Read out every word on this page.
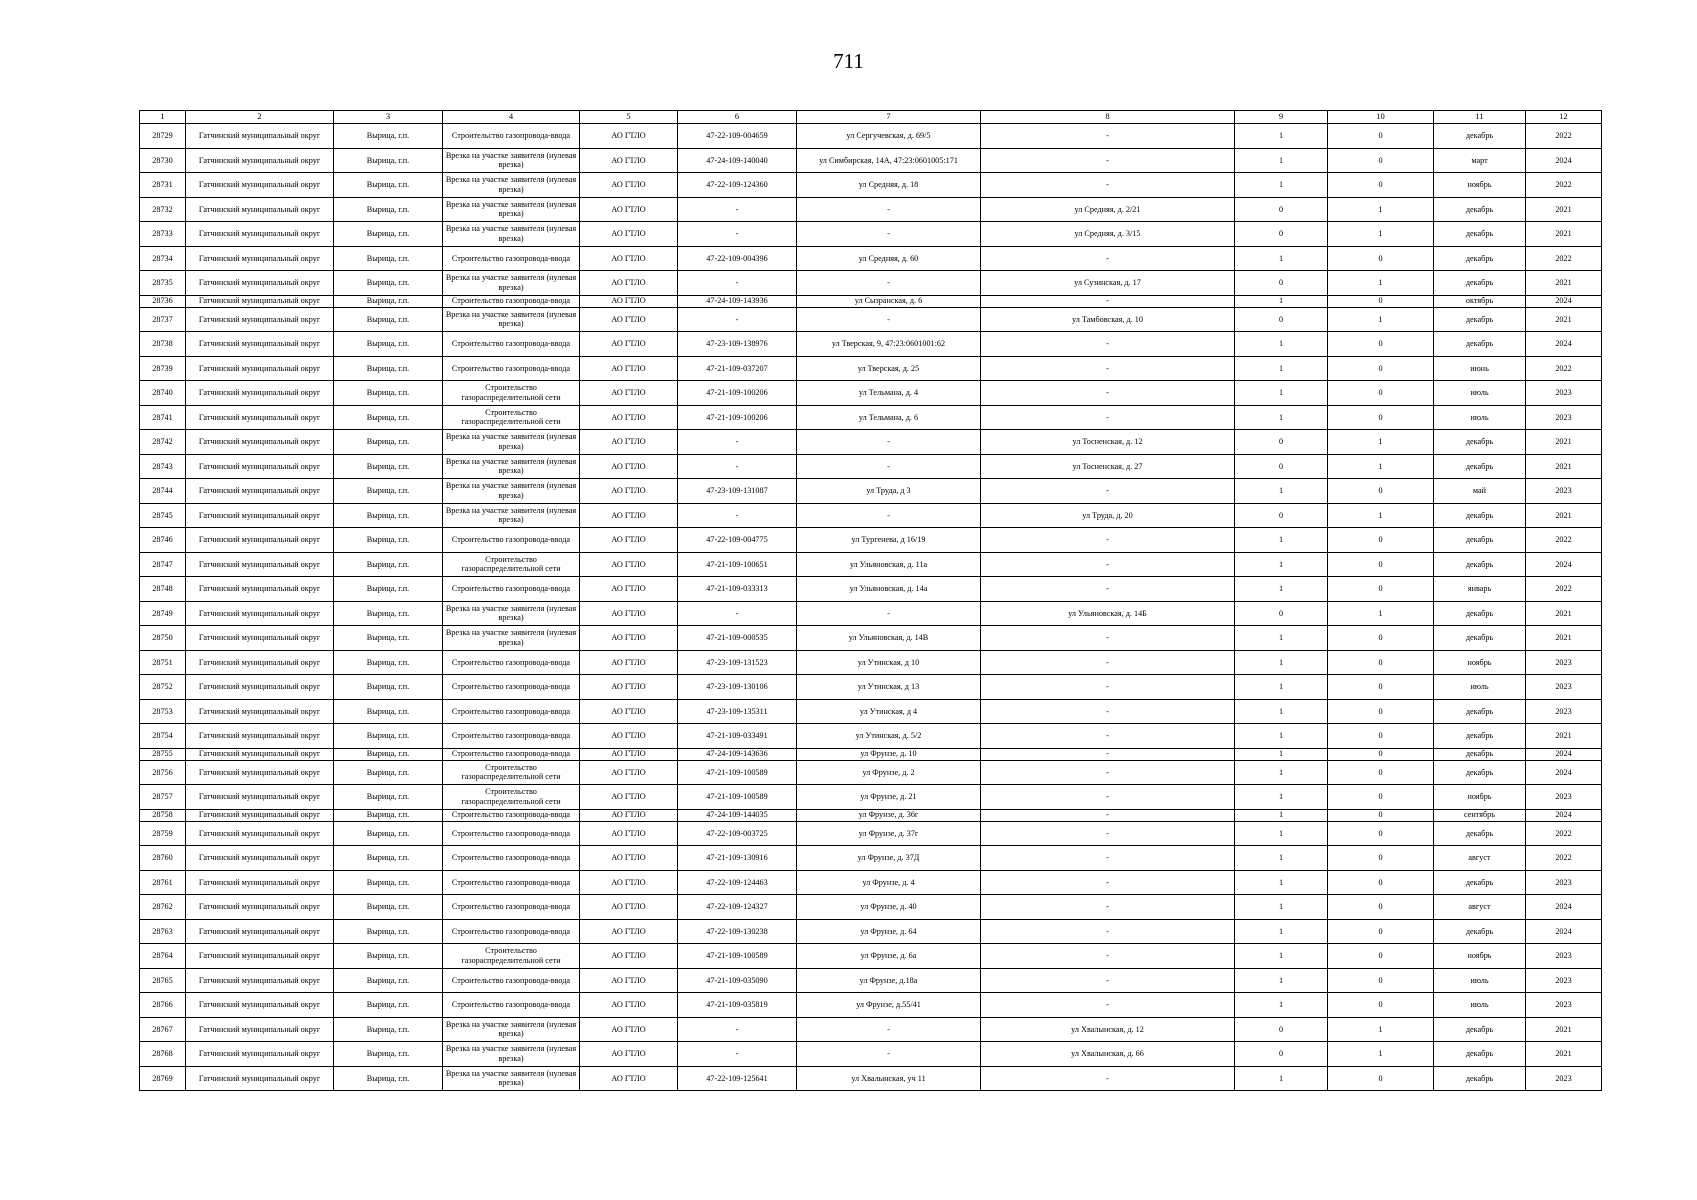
711
1	2	3	4	5	6	7	8	9	10	11	12
28729	Гатчинский муниципальный округ	Вырица, г.п.	Строительство газопровода-ввода	АО ГТЛО	47-22-109-004659	ул Сергучевская, д. 69/5	-	1	0	декабрь	2022
28730	Гатчинский муниципальный округ	Вырица, г.п.	Врезка на участке заявителя (нулевая врезка)	АО ГТЛО	47-24-109-140040	ул Симбирская, 14А, 47:23:0601005:171	-	1	0	март	2024
28731	Гатчинский муниципальный округ	Вырица, г.п.	Врезка на участке заявителя (нулевая врезка)	АО ГТЛО	47-22-109-124360	ул Средняя, д. 18	-	1	0	ноябрь	2022
28732	Гатчинский муниципальный округ	Вырица, г.п.	Врезка на участке заявителя (нулевая врезка)	АО ГТЛО	-	-	ул Средняя, д. 2/21	0	1	декабрь	2021
28733	Гатчинский муниципальный округ	Вырица, г.п.	Врезка на участке заявителя (нулевая врезка)	АО ГТЛО	-	-	ул Средняя, д. 3/15	0	1	декабрь	2021
28734	Гатчинский муниципальный округ	Вырица, г.п.	Строительство газопровода-ввода	АО ГТЛО	47-22-109-004396	ул Средняя, д. 60	-	1	0	декабрь	2022
28735	Гатчинский муниципальный округ	Вырица, г.п.	Врезка на участке заявителя (нулевая врезка)	АО ГТЛО	-	-	ул Сузинская, д. 17	0	1	декабрь	2021
28736	Гатчинский муниципальный округ	Вырица, г.п.	Строительство газопровода-ввода	АО ГТЛО	47-24-109-143936	ул Сызранская, д. 6	-	1	0	октябрь	2024
28737	Гатчинский муниципальный округ	Вырица, г.п.	Врезка на участке заявителя (нулевая врезка)	АО ГТЛО	-	-	ул Тамбовская, д. 10	0	1	декабрь	2021
28738	Гатчинский муниципальный округ	Вырица, г.п.	Строительство газопровода-ввода	АО ГТЛО	47-23-109-138976	ул Тверская, 9, 47:23:0601001:62	-	1	0	декабрь	2024
28739	Гатчинский муниципальный округ	Вырица, г.п.	Строительство газопровода-ввода	АО ГТЛО	47-21-109-037207	ул Тверская, д. 25	-	1	0	июнь	2022
28740	Гатчинский муниципальный округ	Вырица, г.п.	Строительство газораспределительной сети	АО ГТЛО	47-21-109-100206	ул Тельмана, д. 4	-	1	0	июль	2023
28741	Гатчинский муниципальный округ	Вырица, г.п.	Строительство газораспределительной сети	АО ГТЛО	47-21-109-100206	ул Тельмана, д. 6	-	1	0	июль	2023
28742	Гатчинский муниципальный округ	Вырица, г.п.	Врезка на участке заявителя (нулевая врезка)	АО ГТЛО	-	-	ул Тосненская, д. 12	0	1	декабрь	2021
28743	Гатчинский муниципальный округ	Вырица, г.п.	Врезка на участке заявителя (нулевая врезка)	АО ГТЛО	-	-	ул Тосненская, д. 27	0	1	декабрь	2021
28744	Гатчинский муниципальный округ	Вырица, г.п.	Врезка на участке заявителя (нулевая врезка)	АО ГТЛО	47-23-109-131087	ул Труда, д 3	-	1	0	май	2023
28745	Гатчинский муниципальный округ	Вырица, г.п.	Врезка на участке заявителя (нулевая врезка)	АО ГТЛО	-	-	ул Труда, д. 20	0	1	декабрь	2021
28746	Гатчинский муниципальный округ	Вырица, г.п.	Строительство газопровода-ввода	АО ГТЛО	47-22-109-004775	ул Тургенева, д 16/19	-	1	0	декабрь	2022
28747	Гатчинский муниципальный округ	Вырица, г.п.	Строительство газораспределительной сети	АО ГТЛО	47-21-109-100651	ул Ульяновская, д. 11а	-	1	0	декабрь	2024
28748	Гатчинский муниципальный округ	Вырица, г.п.	Строительство газопровода-ввода	АО ГТЛО	47-21-109-033313	ул Ульяновская, д. 14а	-	1	0	январь	2022
28749	Гатчинский муниципальный округ	Вырица, г.п.	Врезка на участке заявителя (нулевая врезка)	АО ГТЛО	-	-	ул Ульяновская, д. 14Б	0	1	декабрь	2021
28750	Гатчинский муниципальный округ	Вырица, г.п.	Врезка на участке заявителя (нулевая врезка)	АО ГТЛО	47-21-109-000535	ул Ульяновская, д. 14В	-	1	0	декабрь	2021
28751	Гатчинский муниципальный округ	Вырица, г.п.	Строительство газопровода-ввода	АО ГТЛО	47-23-109-131523	ул Утинская, д 10	-	1	0	ноябрь	2023
28752	Гатчинский муниципальный округ	Вырица, г.п.	Строительство газопровода-ввода	АО ГТЛО	47-23-109-130106	ул Утинская, д 13	-	1	0	июль	2023
28753	Гатчинский муниципальный округ	Вырица, г.п.	Строительство газопровода-ввода	АО ГТЛО	47-23-109-135311	ул Утинская, д 4	-	1	0	декабрь	2023
28754	Гатчинский муниципальный округ	Вырица, г.п.	Строительство газопровода-ввода	АО ГТЛО	47-21-109-033491	ул Утинская, д. 5/2	-	1	0	декабрь	2021
28755	Гатчинский муниципальный округ	Вырица, г.п.	Строительство газопровода-ввода	АО ГТЛО	47-24-109-143636	ул Фрунзе, д. 10	-	1	0	декабрь	2024
28756	Гатчинский муниципальный округ	Вырица, г.п.	Строительство газораспределительной сети	АО ГТЛО	47-21-109-100589	ул Фрунзе, д. 2	-	1	0	декабрь	2024
28757	Гатчинский муниципальный округ	Вырица, г.п.	Строительство газораспределительной сети	АО ГТЛО	47-21-109-100589	ул Фрунзе, д. 21	-	1	0	ноябрь	2023
28758	Гатчинский муниципальный округ	Вырица, г.п.	Строительство газопровода-ввода	АО ГТЛО	47-24-109-144035	ул Фрунзе, д. 36г	-	1	0	сентябрь	2024
28759	Гатчинский муниципальный округ	Вырица, г.п.	Строительство газопровода-ввода	АО ГТЛО	47-22-109-003725	ул Фрунзе, д. 37г	-	1	0	декабрь	2022
28760	Гатчинский муниципальный округ	Вырица, г.п.	Строительство газопровода-ввода	АО ГТЛО	47-21-109-130916	ул Фрунзе, д. 37Д	-	1	0	август	2022
28761	Гатчинский муниципальный округ	Вырица, г.п.	Строительство газопровода-ввода	АО ГТЛО	47-22-109-124463	ул Фрунзе, д. 4	-	1	0	декабрь	2023
28762	Гатчинский муниципальный округ	Вырица, г.п.	Строительство газопровода-ввода	АО ГТЛО	47-22-109-124327	ул Фрунзе, д. 40	-	1	0	август	2024
28763	Гатчинский муниципальный округ	Вырица, г.п.	Строительство газопровода-ввода	АО ГТЛО	47-22-109-130238	ул Фрунзе, д. 64	-	1	0	декабрь	2024
28764	Гатчинский муниципальный округ	Вырица, г.п.	Строительство газораспределительной сети	АО ГТЛО	47-21-109-100589	ул Фрунзе, д. 6а	-	1	0	ноябрь	2023
28765	Гатчинский муниципальный округ	Вырица, г.п.	Строительство газопровода-ввода	АО ГТЛО	47-21-109-035090	ул Фрунзе, д.18а	-	1	0	июль	2023
28766	Гатчинский муниципальный округ	Вырица, г.п.	Строительство газопровода-ввода	АО ГТЛО	47-21-109-035819	ул Фрунзе, д.55/41	-	1	0	июль	2023
28767	Гатчинский муниципальный округ	Вырица, г.п.	Врезка на участке заявителя (нулевая врезка)	АО ГТЛО	-	-	ул Хвалынская, д. 12	0	1	декабрь	2021
28768	Гатчинский муниципальный округ	Вырица, г.п.	Врезка на участке заявителя (нулевая врезка)	АО ГТЛО	-	-	ул Хвалынская, д. 66	0	1	декабрь	2021
28769	Гатчинский муниципальный округ	Вырица, г.п.	Врезка на участке заявителя (нулевая врезка)	АО ГТЛО	47-22-109-125641	ул Хвалынская, уч 11	-	1	0	декабрь	2023
